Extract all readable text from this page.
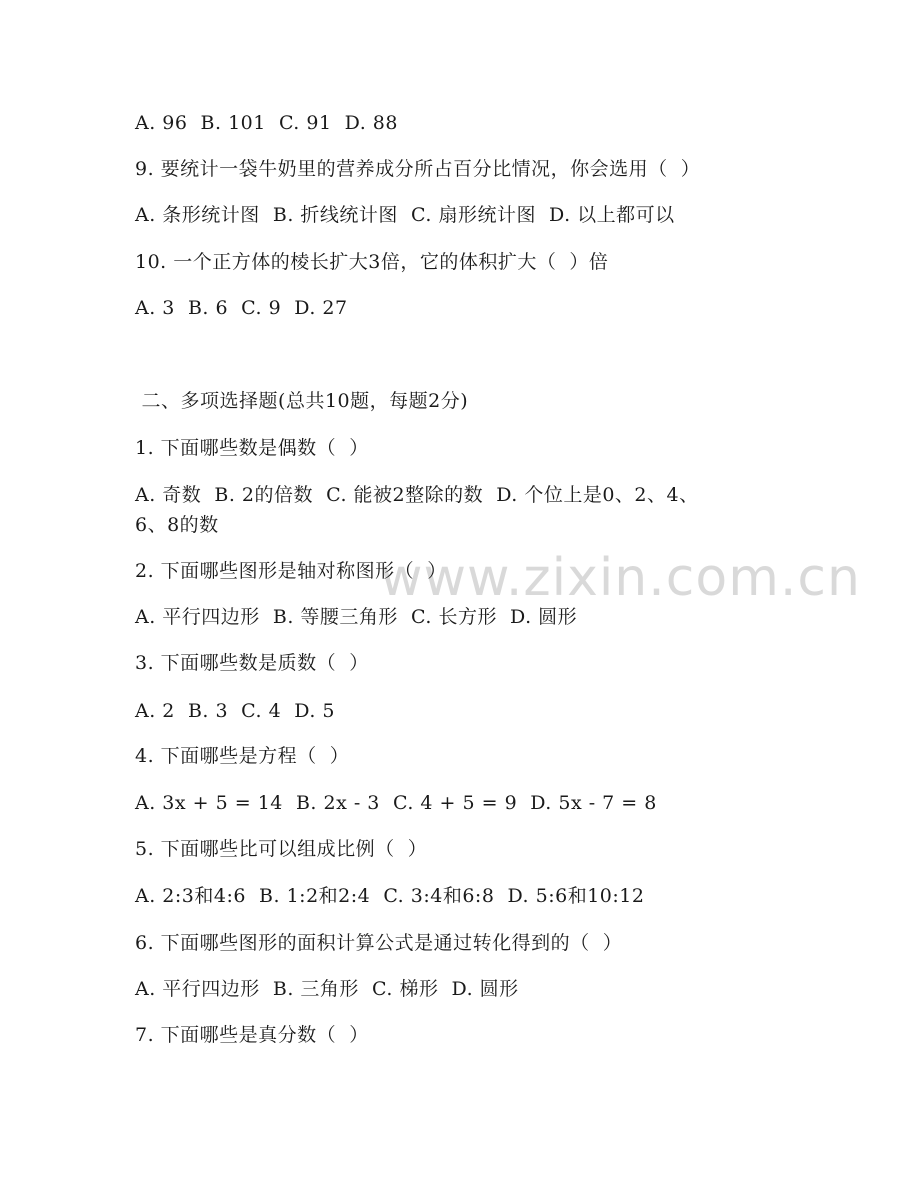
www.zixin.com.cn
A. 96  B. 101  C. 91  D. 88
9. 要统计一袋牛奶里的营养成分所占百分比情况，你会选用（  ）
A. 条形统计图  B. 折线统计图  C. 扇形统计图  D. 以上都可以
10. 一个正方体的棱长扩大3倍，它的体积扩大（  ）倍
A. 3  B. 6  C. 9  D. 27
二、多项选择题(总共10题，每题2分)
1. 下面哪些数是偶数（  ）
A. 奇数  B. 2的倍数  C. 能被2整除的数  D. 个位上是0、2、4、
6、8的数
2. 下面哪些图形是轴对称图形（  ）
A. 平行四边形  B. 等腰三角形  C. 长方形  D. 圆形
3. 下面哪些数是质数（  ）
A. 2  B. 3  C. 4  D. 5
4. 下面哪些是方程（  ）
A. 3x + 5 = 14  B. 2x - 3  C. 4 + 5 = 9  D. 5x - 7 = 8
5. 下面哪些比可以组成比例（  ）
A. 2:3和4:6  B. 1:2和2:4  C. 3:4和6:8  D. 5:6和10:12
6. 下面哪些图形的面积计算公式是通过转化得到的（  ）
A. 平行四边形  B. 三角形  C. 梯形  D. 圆形
7. 下面哪些是真分数（  ）
